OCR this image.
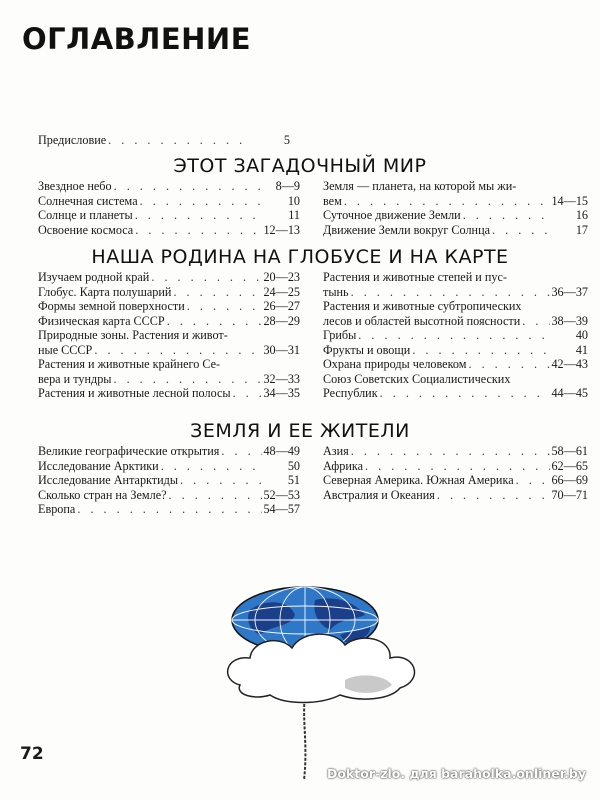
ОГЛАВЛЕНИЕ
Предисловие . . .	5
ЭТОТ ЗАГАДОЧНЫЙ МИР
Звездное небо . . .	8—9
Солнечная система . . .	10
Солнце и планеты . . .	11
Освоение космоса . . .	12—13
Земля — планета, на которой мы жи-
вем . . .	14—15
Суточное движение Земли . . .	16
Движение Земли вокруг Солнца . . .	17
НАША РОДИНА НА ГЛОБУСЕ И НА КАРТЕ
Изучаем родной край . . .	20—23
Глобус. Карта полушарий . . .	24—25
Формы земной поверхности . . .	26—27
Физическая карта СССР . . .	28—29
Природные зоны. Растения и живот-
ные СССР . . .	30—31
Растения и животные крайнего Се-
вера и тундры . . .	32—33
Растения и животные лесной полосы . . .	34—35
Растения и животные степей и пус-
тынь . . .	36—37
Растения и животные субтропических
лесов и областей высотной поясности . . .	38—39
Грибы . . .	40
Фрукты и овощи . . .	41
Охрана природы человеком . . .	42—43
Союз Советских Социалистических
Республик . . .	44—45
ЗЕМЛЯ И ЕЕ ЖИТЕЛИ
Великие географические открытия . . .	48—49
Исследование Арктики . . .	50
Исследование Антарктиды . . .	51
Сколько стран на Земле? . . .	52—53
Европа . . .	54—57
Азия . . .	58—61
Африка . . .	62—65
Северная Америка. Южная Америка . . .	66—69
Австралия и Океания . . .	70—71
72
Doktor-zlo. для baraholka.onliner.by
